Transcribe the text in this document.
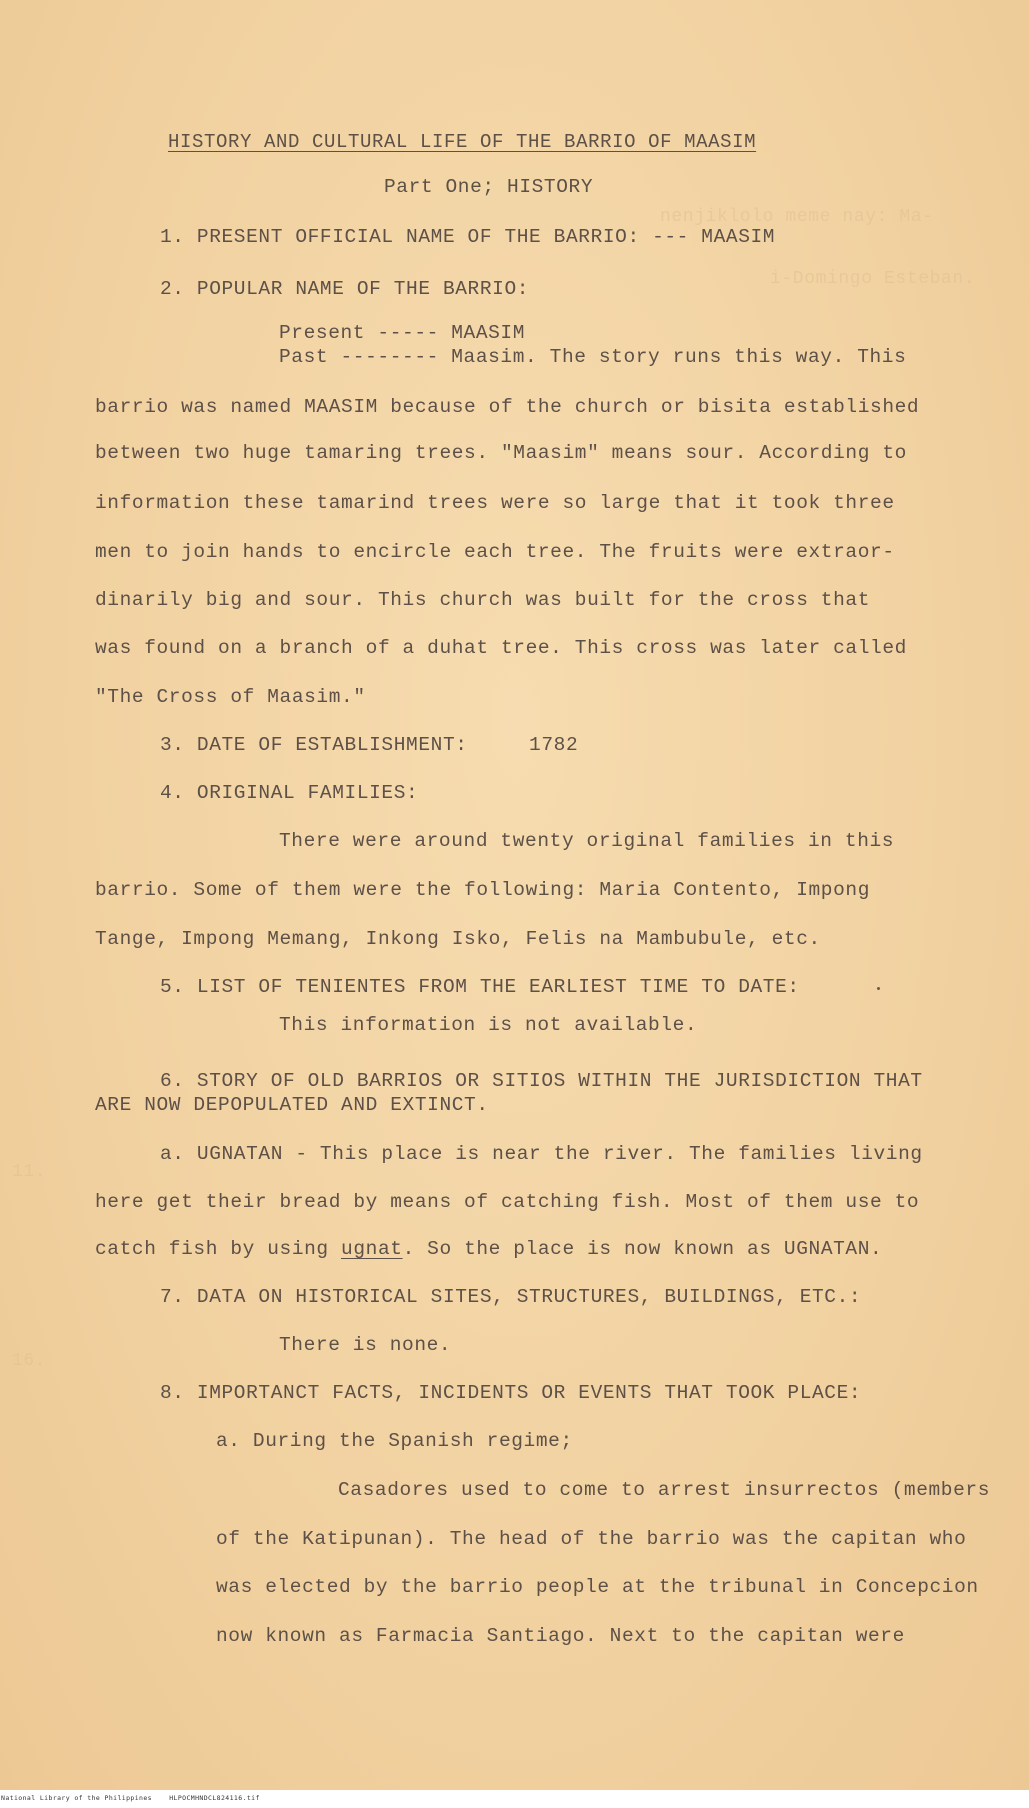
nenjiklolo meme nay: Ma-
i-Domingo Esteban.
11.
16.
HISTORY AND CULTURAL LIFE OF THE BARRIO OF MAASIM
Part One; HISTORY
1. PRESENT OFFICIAL NAME OF THE BARRIO: --- MAASIM
2. POPULAR NAME OF THE BARRIO:
Present ----- MAASIM
Past -------- Maasim. The story runs this way. This
barrio was named MAASIM because of the church or bisita established
between two huge tamaring trees. "Maasim" means sour. According to
information these tamarind trees were so large that it took three
men to join hands to encircle each tree. The fruits were extraor-
dinarily big and sour. This church was built for the cross that
was found on a branch of a duhat tree. This cross was later called
"The Cross of Maasim."
3. DATE OF ESTABLISHMENT:     1782
4. ORIGINAL FAMILIES:
There were around twenty original families in this
barrio. Some of them were the following: Maria Contento, Impong
Tange, Impong Memang, Inkong Isko, Felis na Mambubule, etc.
5. LIST OF TENIENTES FROM THE EARLIEST TIME TO DATE:
This information is not available.
6. STORY OF OLD BARRIOS OR SITIOS WITHIN THE JURISDICTION THAT
ARE NOW DEPOPULATED AND EXTINCT.
a. UGNATAN - This place is near the river. The families living
here get their bread by means of catching fish. Most of them use to
catch fish by using ugnat. So the place is now known as UGNATAN.
7. DATA ON HISTORICAL SITES, STRUCTURES, BUILDINGS, ETC.:
There is none.
8. IMPORTANCT FACTS, INCIDENTS OR EVENTS THAT TOOK PLACE:
a. During the Spanish regime;
Casadores used to come to arrest insurrectos (members
of the Katipunan). The head of the barrio was the capitan who
was elected by the barrio people at the tribunal in Concepcion
now known as Farmacia Santiago. Next to the capitan were
National Library of the Philippines    HLPOCMHNDCL824116.tif
